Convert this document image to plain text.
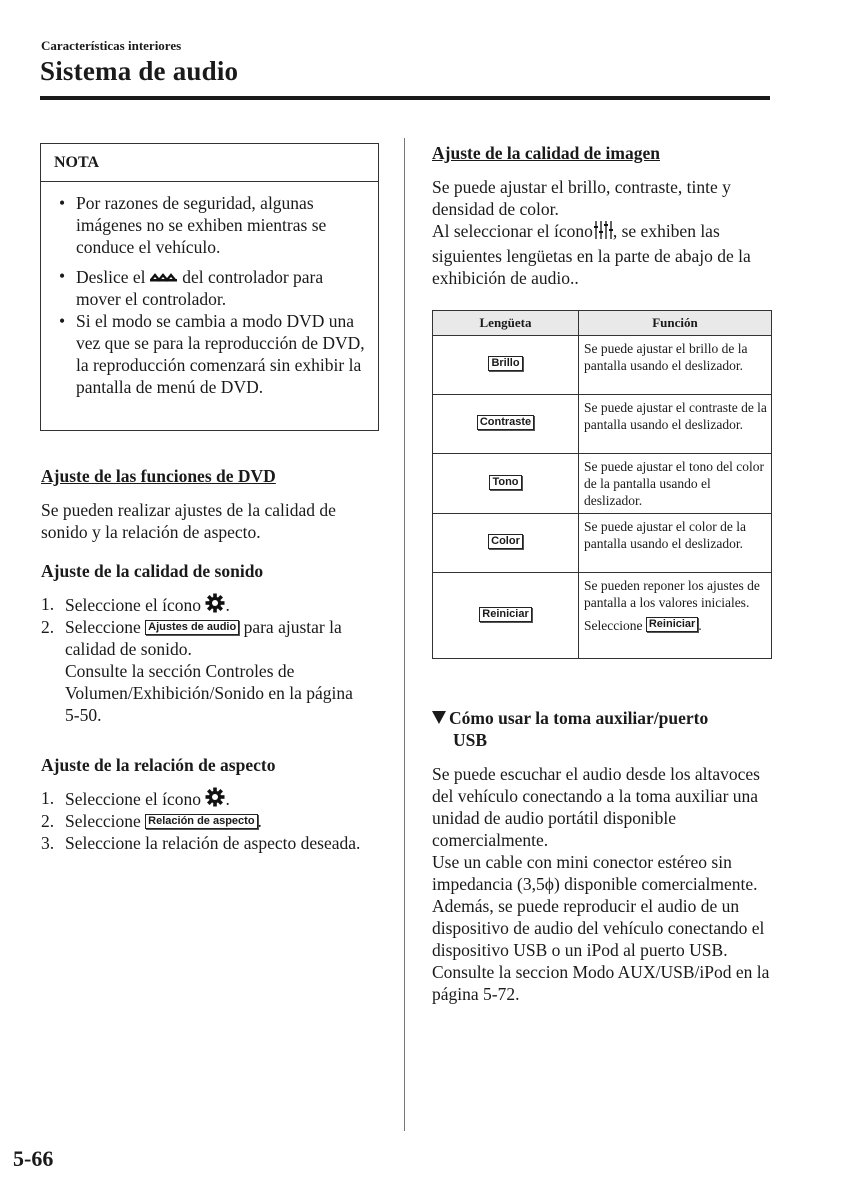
Características interiores
Sistema de audio
NOTA
• Por razones de seguridad, algunas imágenes no se exhiben mientras se conduce el vehículo.
• Deslice el del controlador para mover el controlador.
• Si el modo se cambia a modo DVD una vez que se para la reproducción de DVD, la reproducción comenzará sin exhibir la pantalla de menú de DVD.
Ajuste de las funciones de DVD
Se pueden realizar ajustes de la calidad de sonido y la relación de aspecto.
Ajuste de la calidad de sonido
1. Seleccione el ícono .
2. Seleccione Ajustes de audio para ajustar la calidad de sonido.
Consulte la sección Controles de Volumen/Exhibición/Sonido en la página 5-50.
Ajuste de la relación de aspecto
1. Seleccione el ícono .
2. Seleccione Relación de aspecto .
3. Seleccione la relación de aspecto deseada.
Ajuste de la calidad de imagen
Se puede ajustar el brillo, contraste, tinte y densidad de color.
Al seleccionar el ícono , se exhiben las siguientes lengüetas en la parte de abajo de la exhibición de audio..
Lengüeta	Función
Brillo	Se puede ajustar el brillo de la pantalla usando el deslizador.
Contraste	Se puede ajustar el contraste de la pantalla usando el deslizador.
Tono	Se puede ajustar el tono del color de la pantalla usando el deslizador.
Color	Se puede ajustar el color de la pantalla usando el deslizador.
Reiniciar	Se pueden reponer los ajustes de pantalla a los valores iniciales.
Seleccione Reiniciar .
Cómo usar la toma auxiliar/puerto
USB
Se puede escuchar el audio desde los altavoces del vehículo conectando a la toma auxiliar una unidad de audio portátil disponible comercialmente.
Use un cable con mini conector estéreo sin impedancia (3,5ϕ) disponible comercialmente.
Además, se puede reproducir el audio de un dispositivo de audio del vehículo conectando el dispositivo USB o un iPod al puerto USB.
Consulte la seccion Modo AUX/USB/iPod en la página 5-72.
5-66
